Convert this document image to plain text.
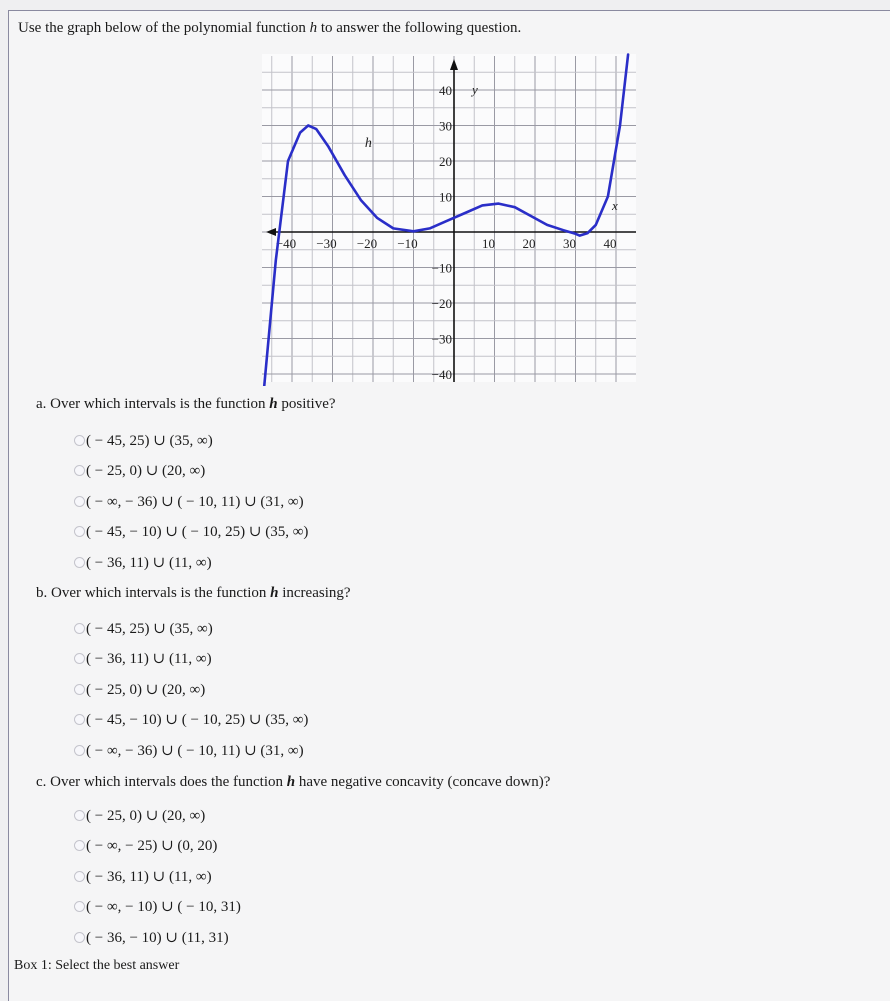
Use the graph below of the polynomial function h to answer the following question.
−40 −30 −20 −10	10 20 30 40
40
30
20
10
−10
−20
−30
−40
y
x
h
a. Over which intervals is the function h positive?
( − 45, 25) ∪ (35, ∞)
( − 25, 0) ∪ (20, ∞)
( − ∞, − 36) ∪ ( − 10, 11) ∪ (31, ∞)
( − 45, − 10) ∪ ( − 10, 25) ∪ (35, ∞)
( − 36, 11) ∪ (11, ∞)
b. Over which intervals is the function h increasing?
( − 45, 25) ∪ (35, ∞)
( − 36, 11) ∪ (11, ∞)
( − 25, 0) ∪ (20, ∞)
( − 45, − 10) ∪ ( − 10, 25) ∪ (35, ∞)
( − ∞, − 36) ∪ ( − 10, 11) ∪ (31, ∞)
c. Over which intervals does the function h have negative concavity (concave down)?
( − 25, 0) ∪ (20, ∞)
( − ∞, − 25) ∪ (0, 20)
( − 36, 11) ∪ (11, ∞)
( − ∞, − 10) ∪ ( − 10, 31)
( − 36, − 10) ∪ (11, 31)
Box 1: Select the best answer
